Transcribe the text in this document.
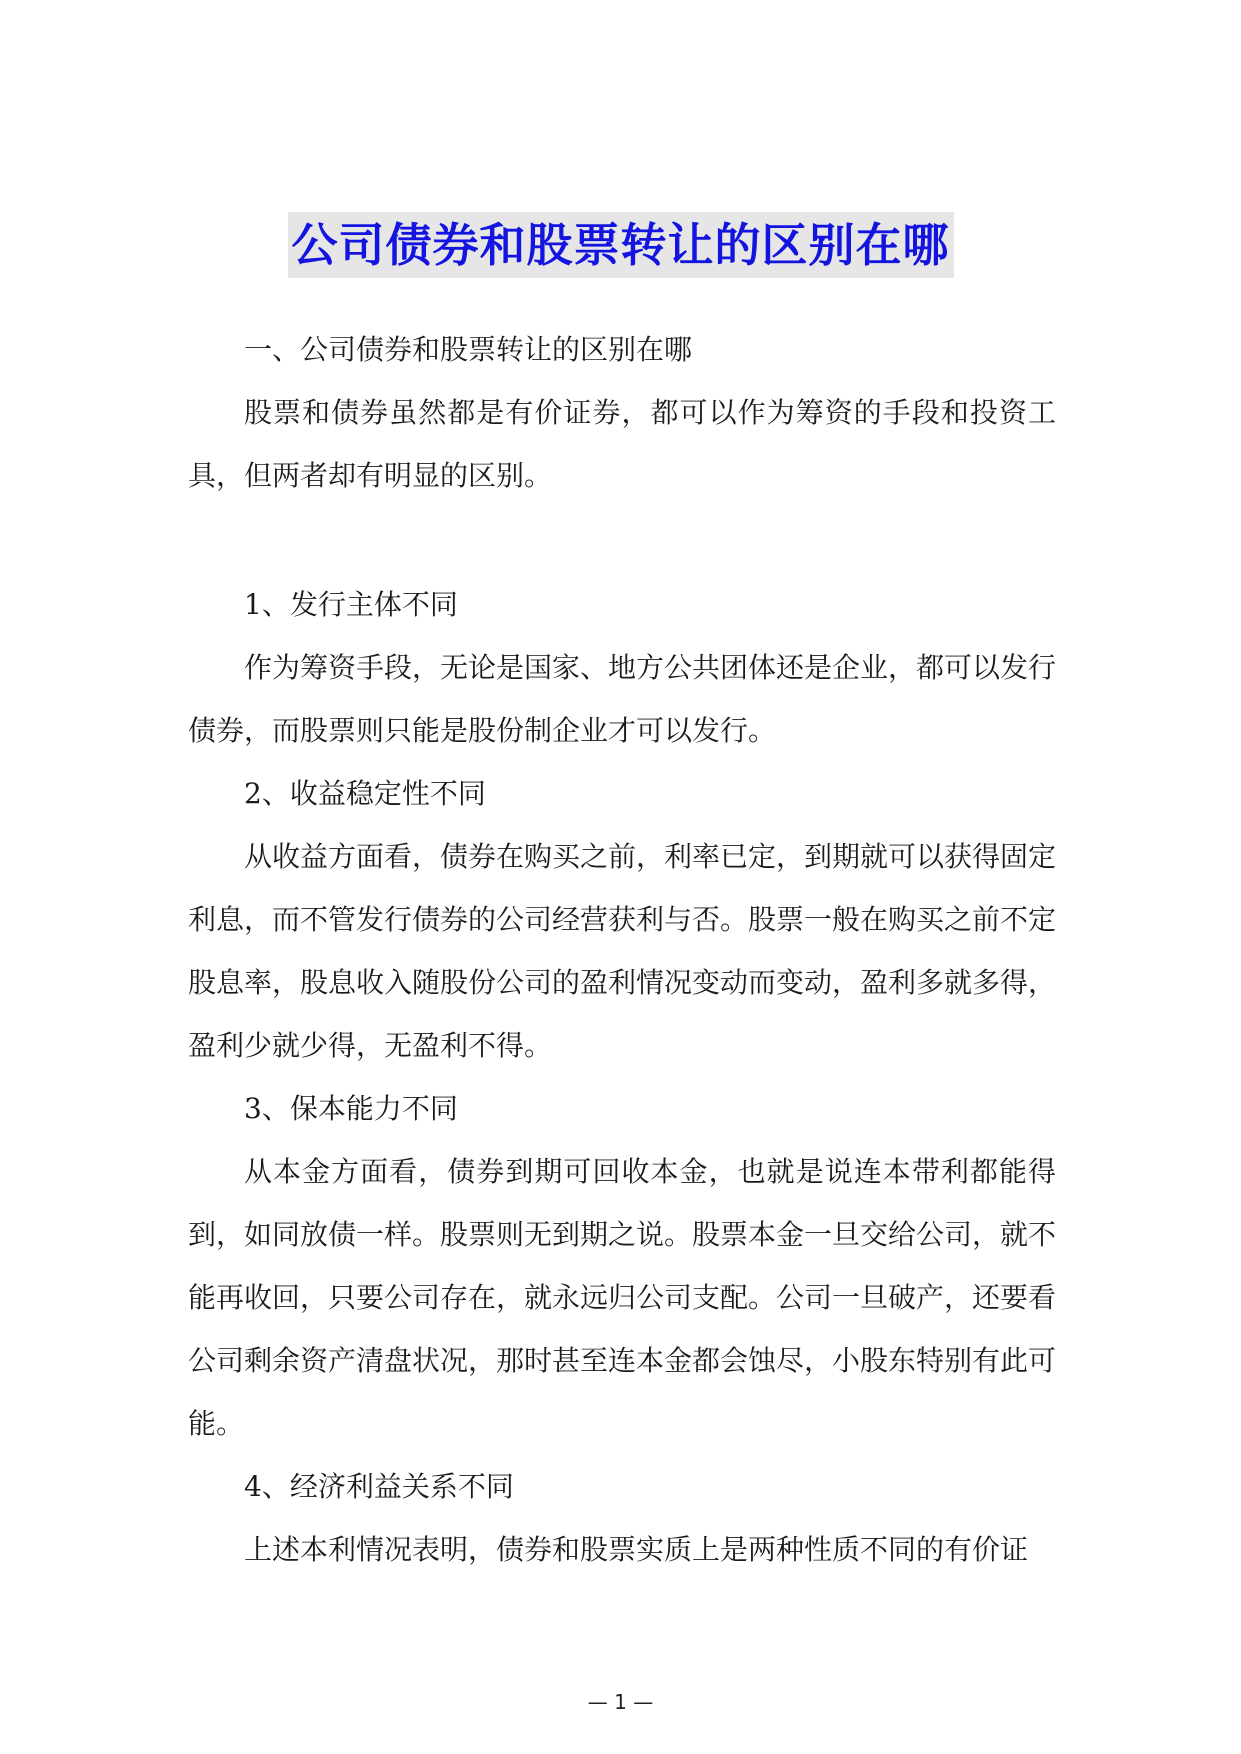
公司债券和股票转让的区别在哪

一、公司债券和股票转让的区别在哪

股票和债券虽然都是有价证券，都可以作为筹资的手段和投资工具，但两者却有明显的区别。

1、发行主体不同

作为筹资手段，无论是国家、地方公共团体还是企业，都可以发行债券，而股票则只能是股份制企业才可以发行。

2、收益稳定性不同

从收益方面看，债券在购买之前，利率已定，到期就可以获得固定利息，而不管发行债券的公司经营获利与否。股票一般在购买之前不定股息率，股息收入随股份公司的盈利情况变动而变动，盈利多就多得，盈利少就少得，无盈利不得。

3、保本能力不同

从本金方面看，债券到期可回收本金，也就是说连本带利都能得到，如同放债一样。股票则无到期之说。股票本金一旦交给公司，就不能再收回，只要公司存在，就永远归公司支配。公司一旦破产，还要看公司剩余资产清盘状况，那时甚至连本金都会蚀尽，小股东特别有此可能。

4、经济利益关系不同

上述本利情况表明，债券和股票实质上是两种性质不同的有价证

— 1 —
